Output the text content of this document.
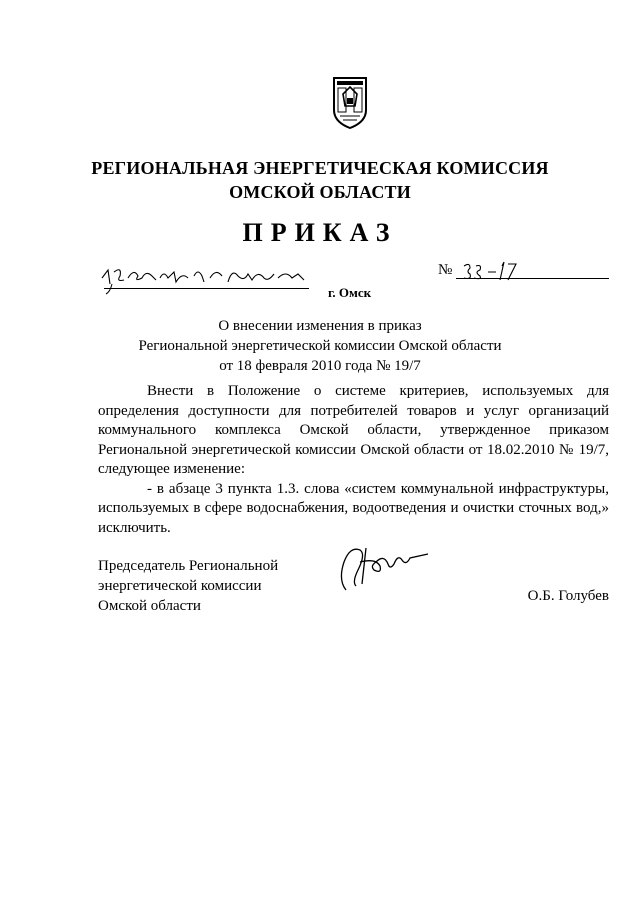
РЕГИОНАЛЬНАЯ ЭНЕРГЕТИЧЕСКАЯ КОМИССИЯ
ОМСКОЙ ОБЛАСТИ
ПРИКАЗ
№
г. Омск
О внесении изменения в приказ
Региональной энергетической комиссии Омской области
от 18 февраля 2010 года № 19/7

Внести в Положение о системе критериев, используемых для определения доступности для потребителей товаров и услуг организаций коммунального комплекса Омской области, утвержденное приказом Региональной энергетической комиссии Омской области от 18.02.2010 № 19/7, следующее изменение:

- в абзаце 3 пункта 1.3. слова «систем коммунальной инфраструктуры, используемых в сфере водоснабжения, водоотведения и очистки сточных вод,» исключить.

Председатель Региональной
энергетической комиссии
Омской области
О.Б. Голубев
